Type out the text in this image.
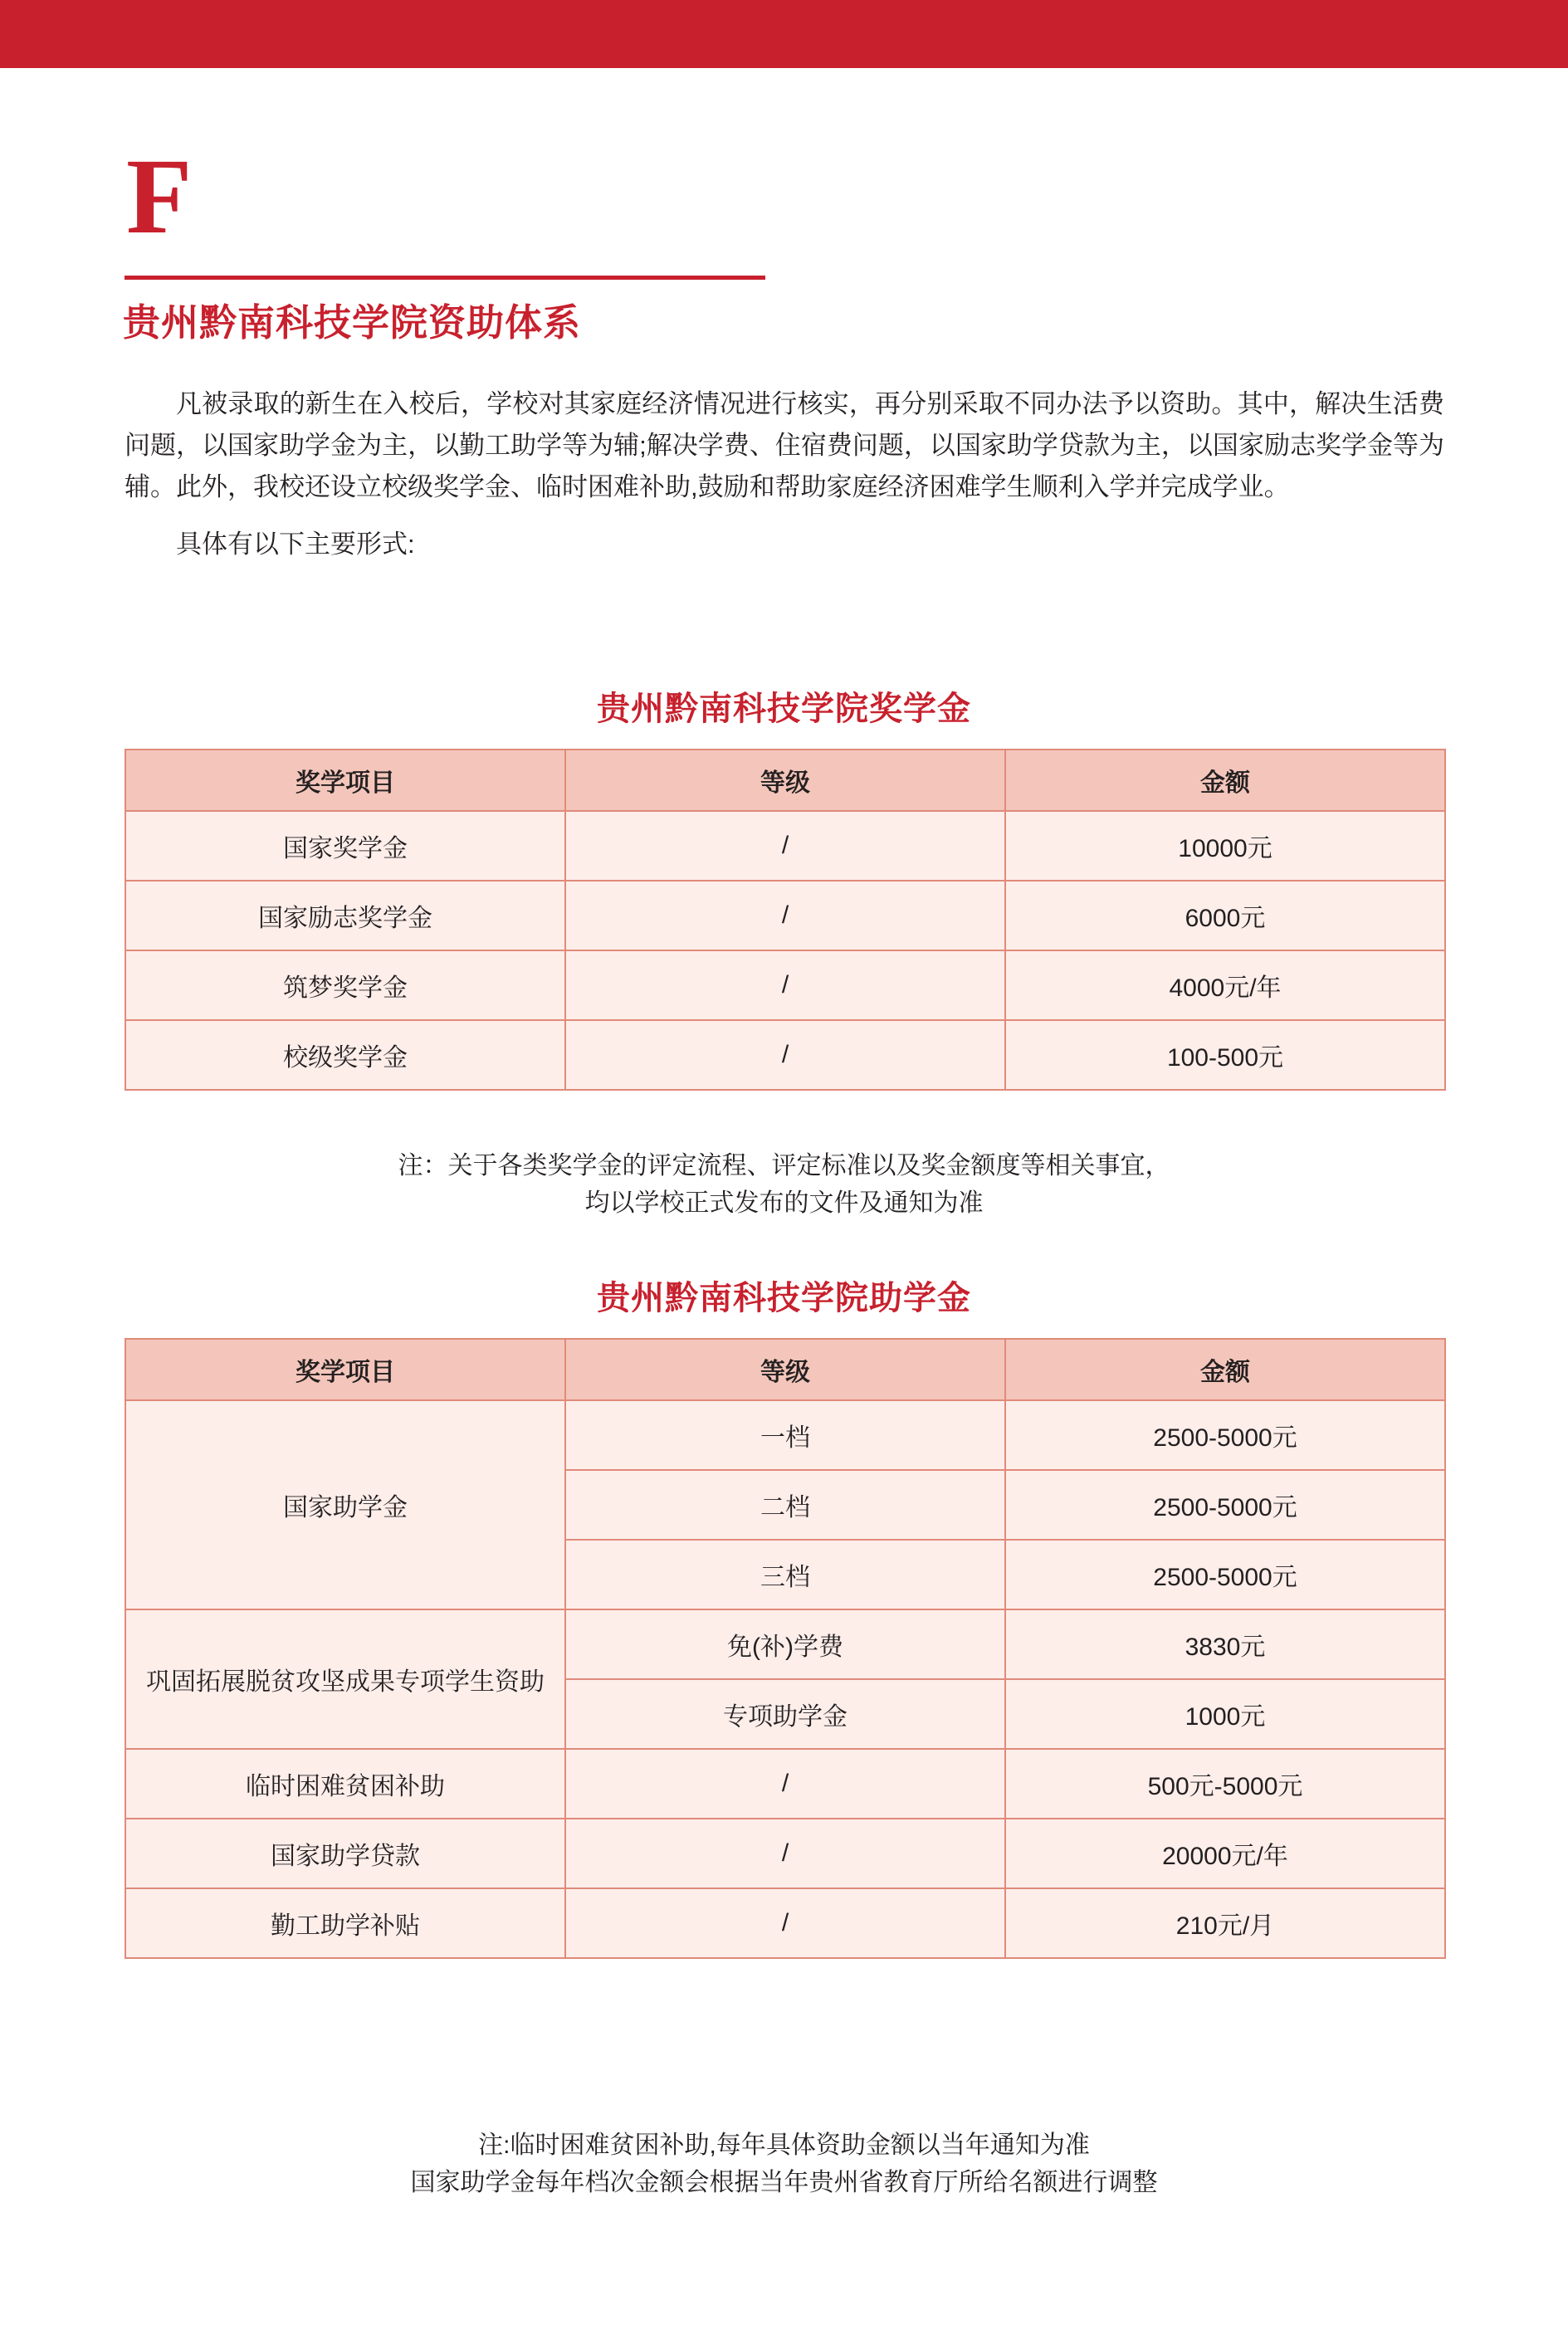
F
贵州黔南科技学院资助体系

凡被录取的新生在入校后，学校对其家庭经济情况进行核实，再分别采取不同办法予以资助。其中，解决生活费问题，以国家助学金为主，以勤工助学等为辅;解决学费、住宿费问题，以国家助学贷款为主，以国家励志奖学金等为辅。此外，我校还设立校级奖学金、临时困难补助,鼓励和帮助家庭经济困难学生顺利入学并完成学业。

具体有以下主要形式:

贵州黔南科技学院奖学金
奖学项目	等级	金额
国家奖学金	/	10000元
国家励志奖学金	/	6000元
筑梦奖学金	/	4000元/年
校级奖学金	/	100-500元
注：关于各类奖学金的评定流程、评定标准以及奖金额度等相关事宜，
均以学校正式发布的文件及通知为准
贵州黔南科技学院助学金
奖学项目	等级	金额
国家助学金	一档	2500-5000元
	二档	2500-5000元
	三档	2500-5000元
巩固拓展脱贫攻坚成果专项学生资助	免(补)学费	3830元
	专项助学金	1000元
临时困难贫困补助	/	500元-5000元
国家助学贷款	/	20000元/年
勤工助学补贴	/	210元/月
注:临时困难贫困补助,每年具体资助金额以当年通知为准
国家助学金每年档次金额会根据当年贵州省教育厅所给名额进行调整
